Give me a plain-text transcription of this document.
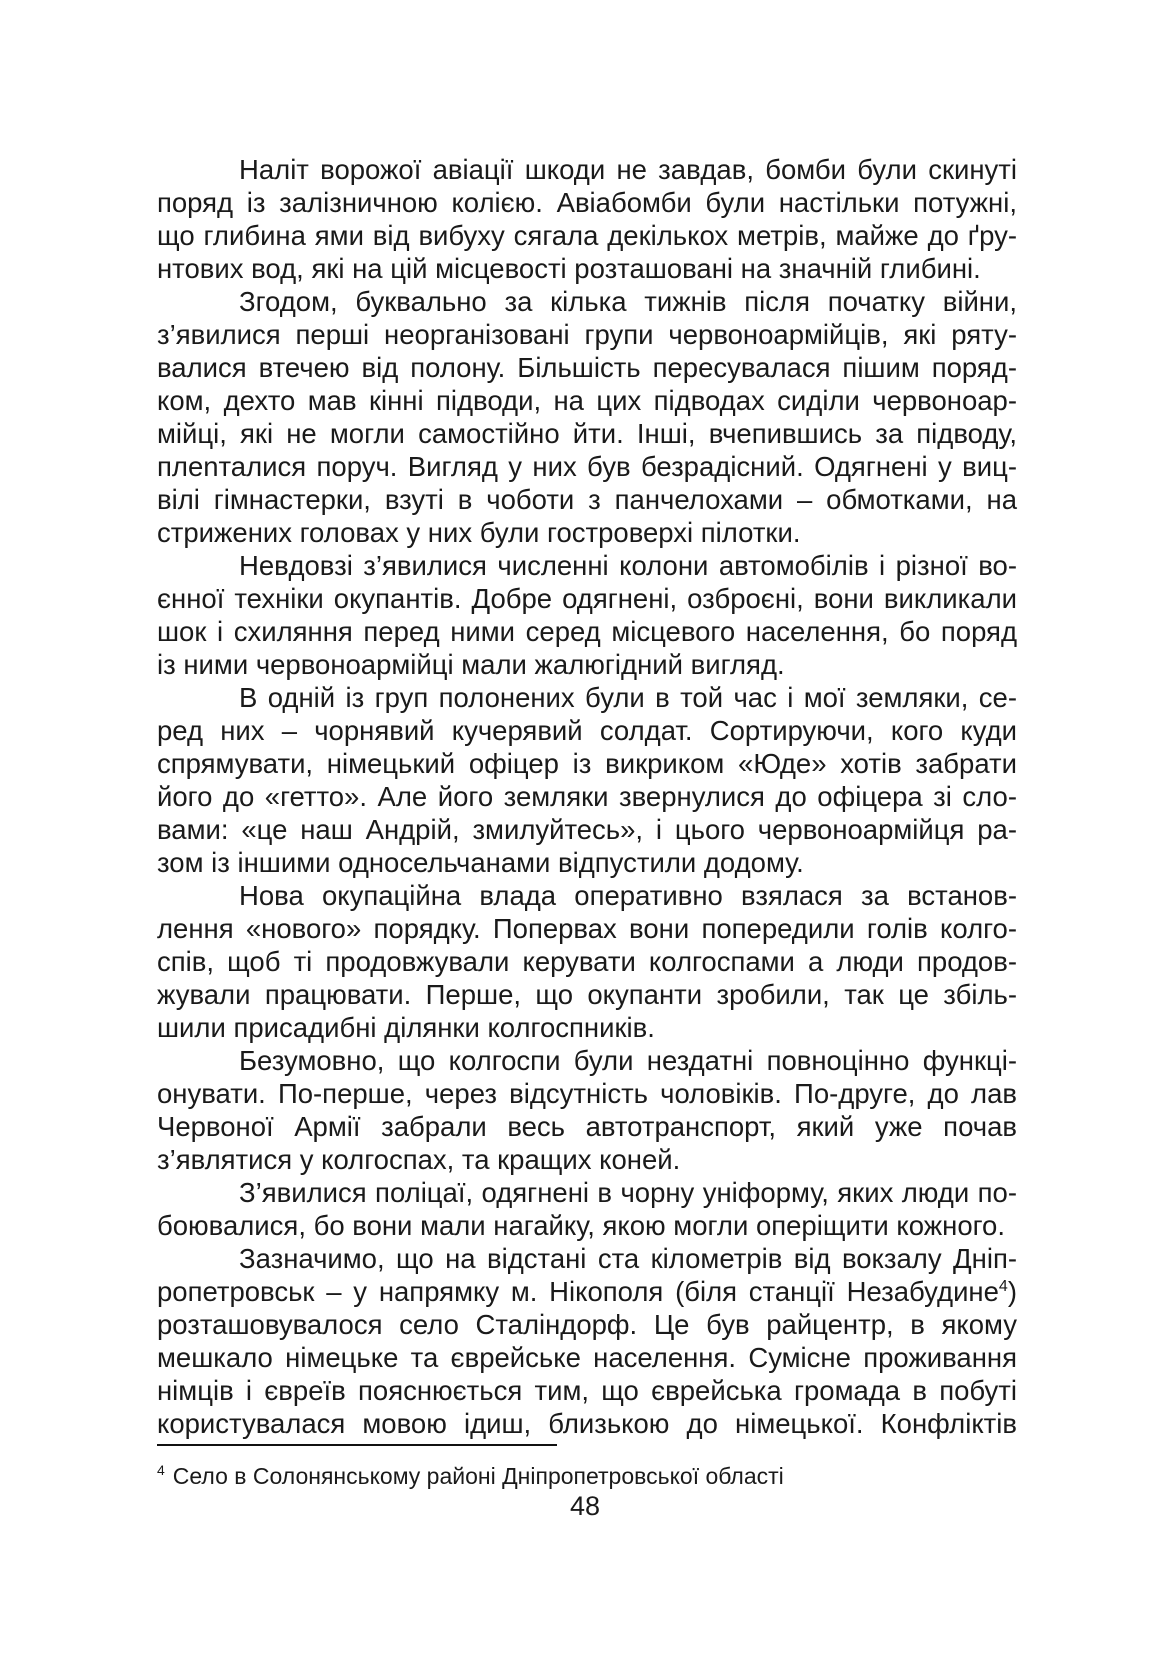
Наліт ворожої авіації шкоди не завдав, бомби були скинуті
поряд із залізничною колією. Авіабомби були настільки потужні,
що глибина ями від вибуху сягала декількох метрів, майже до ґру-
нтових вод, які на цій місцевості розташовані на значній глибині.

Згодом, буквально за кілька тижнів після початку війни,
з’явилися перші неорганізовані групи червоноармійців, які ряту-
валися втечею від полону. Більшість пересувалася пішим поряд-
ком, дехто мав кінні підводи, на цих підводах сиділи червоноар-
мійці, які не могли самостійно йти. Інші, вчепившись за підводу,
плenталися поруч. Вигляд у них був безрадісний. Одягнені у виц-
вілі гімнастерки, взуті в чоботи з панчелохами – обмотками, на
стрижених головах у них були гостроверхі пілотки.

Невдовзі з’явилися численні колони автомобілів і різної во-
єнної техніки окупантів. Добре одягнені, озброєні, вони викликали
шок і схиляння перед ними серед місцевого населення, бо поряд
із ними червоноармійці мали жалюгідний вигляд.

В одній із груп полонених були в той час і мої земляки, се-
ред них – чорнявий кучерявий солдат. Сортируючи, кого куди
спрямувати, німецький офіцер із викриком «Юде» хотів забрати
його до «гетто». Але його земляки звернулися до офіцера зі сло-
вами: «це наш Андрій, змилуйтесь», і цього червоноармійця ра-
зом із іншими односельчанами відпустили додому.

Нова окупаційна влада оперативно взялася за встанов-
лення «нового» порядку. Поперваx вони попередили голів колго-
спів, щоб ті продовжували керувати колгоспами а люди продов-
жували працювати. Перше, що окупанти зробили, так це збіль-
шили присадибні ділянки колгоспників.

Безумовно, що колгоспи були нездатні повноцінно функці-
онувати. По-перше, через відсутність чоловіків. По-друге, до лав
Червоної Армії забрали весь автотранспорт, який уже почав
з’являтися у колгоспах, та кращих коней.

З’явилися поліцаї, одягнені в чорну уніформу, яких люди по-
боювалися, бо вони мали нагайку, якою могли оперіщити кожного.

Зазначимо, що на відстані ста кілометрів від вокзалу Дніп-
ропетровськ – у напрямку м. Нікополя (біля станції Незабудине$^4$)
розташовувалося село Сталіндорф. Це був райцентр, в якому
мешкало німецьке та єврейське населення. Сумісне проживання
німців і євреїв пояснюється тим, що єврейська громада в побуті
користувалася мовою ідиш, близькою до німецької. Конфліктів

$^4$ Село в Солонянському районі Дніпропетровської області
48
